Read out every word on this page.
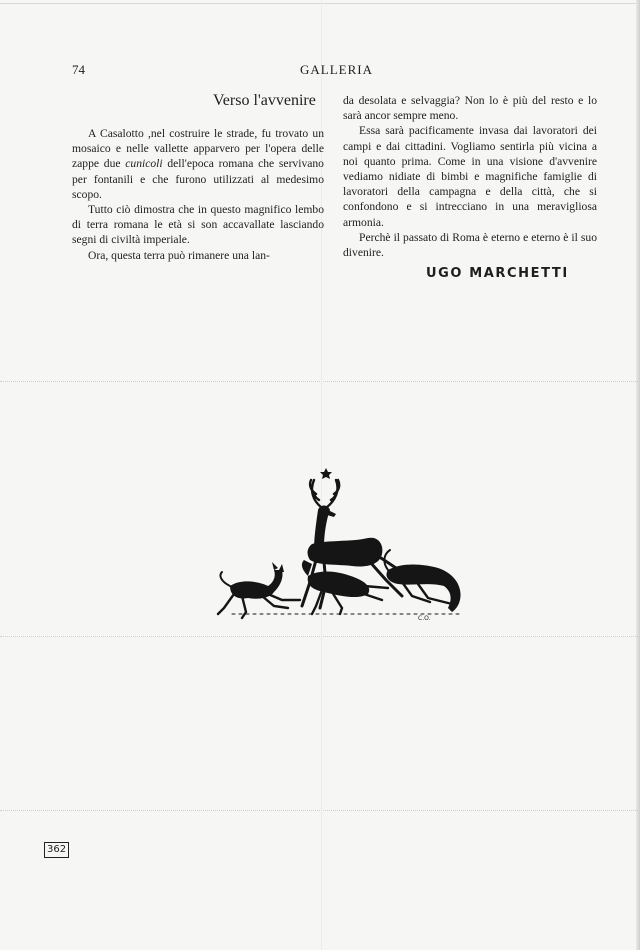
74	GALLERIA
Verso l'avvenire

A Casalotto ,nel costruire le strade, fu trovato un mosaico e nelle vallette apparvero per l'opera delle zappe due cunicoli dell'epoca romana che servivano per fontanili e che furono utilizzati al medesimo scopo.

Tutto ciò dimostra che in questo magnifico lembo di terra romana le età si son accavallate lasciando segni di civiltà imperiale.

Ora, questa terra può rimanere una lan-

da desolata e selvaggia? Non lo è più del resto e lo sarà ancor sempre meno.

Essa sarà pacificamente invasa dai lavoratori dei campi e dai cittadini. Vogliamo sentirla più vicina a noi quanto prima. Come in una visione d'avvenire vediamo nidiate di bimbi e magnifiche famiglie di lavoratori della campagna e della città, che si confondono e si intrecciano in una meravigliosa armonia.

Perchè il passato di Roma è eterno e eterno è il suo divenire.

UGO MARCHETTI
C.O.
362
